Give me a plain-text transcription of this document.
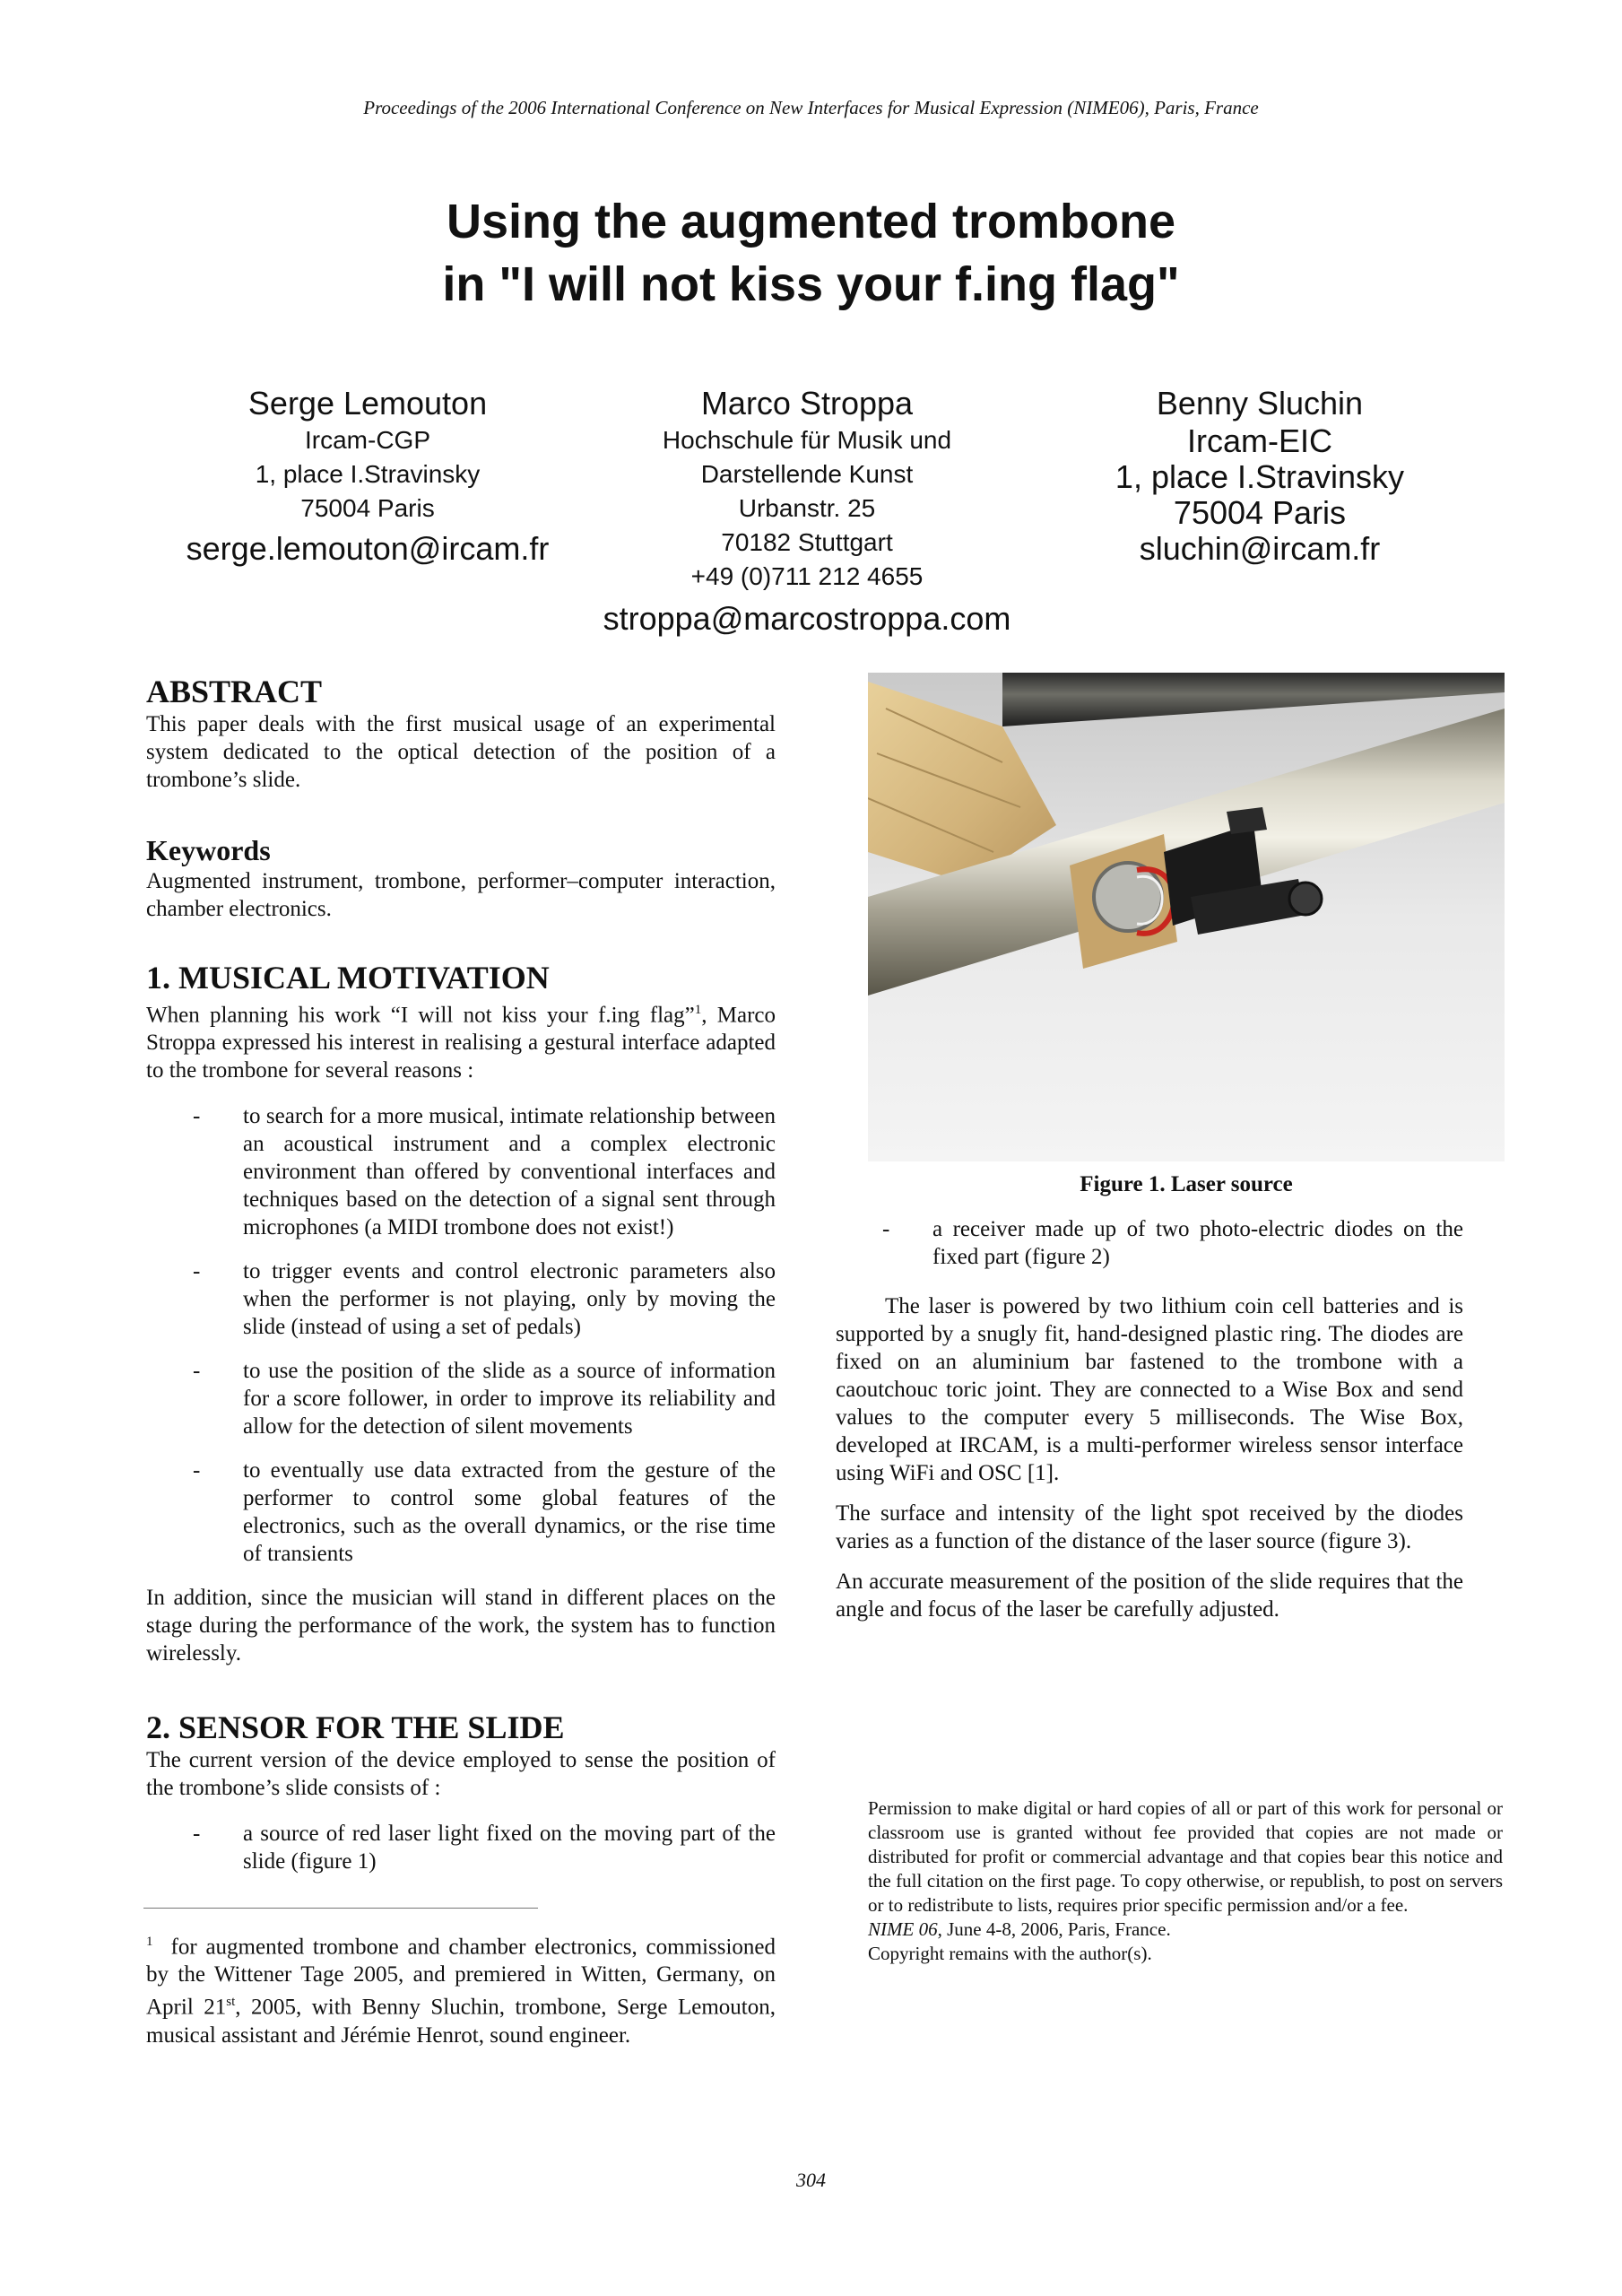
Proceedings of the 2006 International Conference on New Interfaces for Musical Expression (NIME06), Paris, France
Using the augmented trombone
in "I will not kiss your f.ing flag"
Serge Lemouton
Ircam-CGP
1, place I.Stravinsky
75004 Paris
serge.lemouton@ircam.fr
Marco Stroppa
Hochschule für Musik und
Darstellende Kunst
Urbanstr. 25
70182 Stuttgart
+49 (0)711 212 4655
stroppa@marcostroppa.com
Benny Sluchin
Ircam-EIC
1, place I.Stravinsky
75004 Paris
sluchin@ircam.fr
ABSTRACT

This paper deals with the first musical usage of an experimental system dedicated to the optical detection of the position of a trombone’s slide.

Keywords

Augmented instrument, trombone, performer–computer interaction, chamber electronics.

1. MUSICAL MOTIVATION

When planning his work “I will not kiss your f.ing flag”$^1$, Marco Stroppa expressed his interest in realising a gestural interface adapted to the trombone for several reasons :

- to search for a more musical, intimate relationship between an acoustical instrument and a complex electronic environment than offered by conventional interfaces and techniques based on the detection of a signal sent through microphones (a MIDI trombone does not exist!)
- to trigger events and control electronic parameters also when the performer is not playing, only by moving the slide (instead of using a set of pedals)
- to use the position of the slide as a source of information for a score follower, in order to improve its reliability and allow for the detection of silent movements
- to eventually use data extracted from the gesture of the performer to control some global features of the electronics, such as the overall dynamics, or the rise time of transients

In addition, since the musician will stand in different places on the stage during the performance of the work, the system has to function wirelessly.

2. SENSOR FOR THE SLIDE

The current version of the device employed to sense the position of the trombone’s slide consists of :

- a source of red laser light fixed on the moving part of the slide (figure 1)

$^1$ for augmented trombone and chamber electronics, commissioned by the Wittener Tage 2005, and premiered in Witten, Germany, on April 21st, 2005, with Benny Sluchin, trombone, Serge Lemouton, musical assistant and Jérémie Henrot, sound engineer.

Figure 1. Laser source
- a receiver made up of two photo-electric diodes on the fixed part (figure 2)

The laser is powered by two lithium coin cell batteries and is supported by a snugly fit, hand-designed plastic ring. The diodes are fixed on an aluminium bar fastened to the trombone with a caoutchouc toric joint. They are connected to a Wise Box and send values to the computer every 5 milliseconds. The Wise Box, developed at IRCAM, is a multi-performer wireless sensor interface using WiFi and OSC [1].

The surface and intensity of the light spot received by the diodes varies as a function of the distance of the laser source (figure 3).

An accurate measurement of the position of the slide requires that the angle and focus of the laser be carefully adjusted.

Permission to make digital or hard copies of all or part of this work for personal or classroom use is granted without fee provided that copies are not made or distributed for profit or commercial advantage and that copies bear this notice and the full citation on the first page. To copy otherwise, or republish, to post on servers or to redistribute to lists, requires prior specific permission and/or a fee.

NIME 06, June 4-8, 2006, Paris, France.

Copyright remains with the author(s).

304
